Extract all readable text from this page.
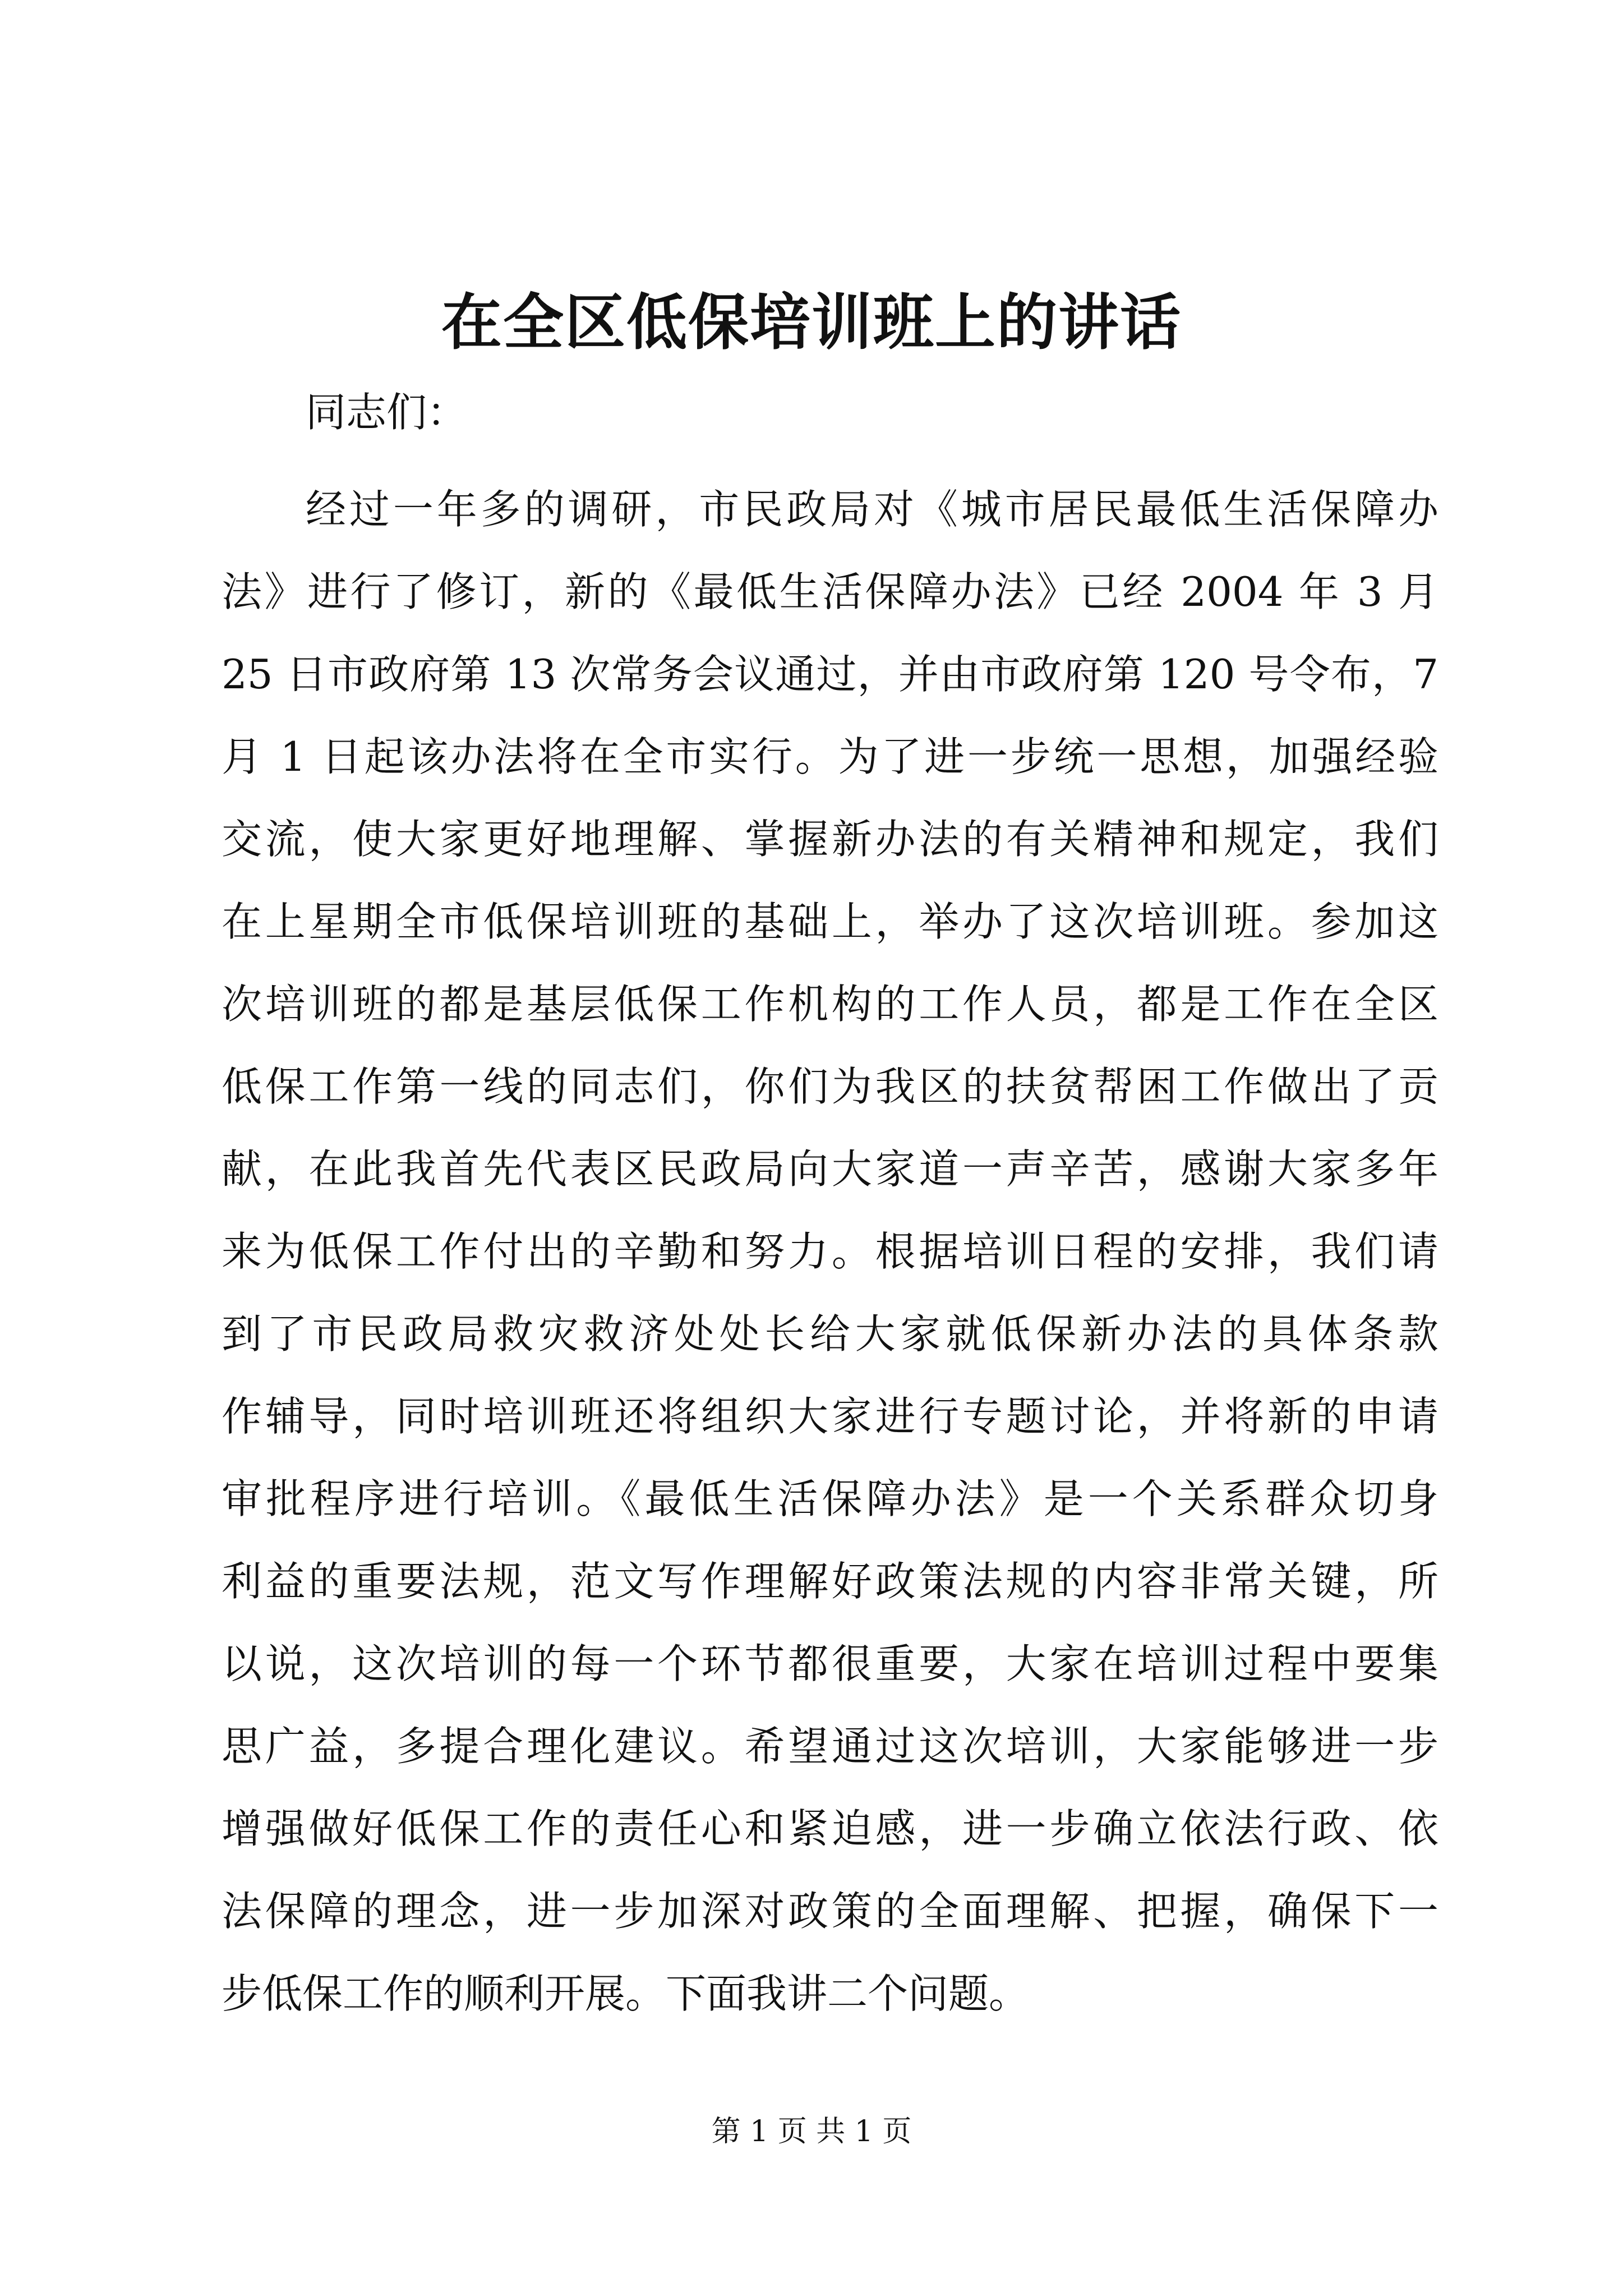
在全区低保培训班上的讲话
同志们：
经过一年多的调研，市民政局对《城市居民最低生活保障办
法》进行了修订，新的《最低生活保障办法》已经 2004 年 3 月
25 日市政府第 13 次常务会议通过，并由市政府第 120 号令布，7
月 1 日起该办法将在全市实行。为了进一步统一思想，加强经验
交流，使大家更好地理解、掌握新办法的有关精神和规定，我们
在上星期全市低保培训班的基础上，举办了这次培训班。参加这
次培训班的都是基层低保工作机构的工作人员，都是工作在全区
低保工作第一线的同志们，你们为我区的扶贫帮困工作做出了贡
献，在此我首先代表区民政局向大家道一声辛苦，感谢大家多年
来为低保工作付出的辛勤和努力。根据培训日程的安排，我们请
到了市民政局救灾救济处处长给大家就低保新办法的具体条款
作辅导，同时培训班还将组织大家进行专题讨论，并将新的申请
审批程序进行培训。《最低生活保障办法》是一个关系群众切身
利益的重要法规，范文写作理解好政策法规的内容非常关键，所
以说，这次培训的每一个环节都很重要，大家在培训过程中要集
思广益，多提合理化建议。希望通过这次培训，大家能够进一步
增强做好低保工作的责任心和紧迫感，进一步确立依法行政、依
法保障的理念，进一步加深对政策的全面理解、把握，确保下一
步低保工作的顺利开展。下面我讲二个问题。
第 1 页 共 1 页
